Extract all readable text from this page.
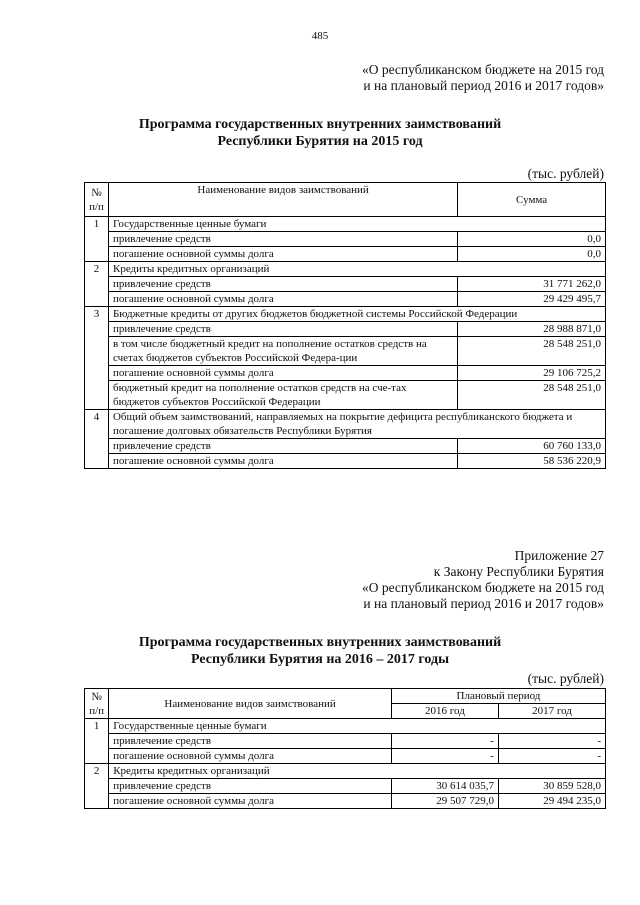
485
«О республиканском бюджете на 2015 год
и на плановый период 2016 и 2017 годов»
Программа государственных внутренних заимствований
Республики Бурятия на 2015 год
(тыс. рублей)
№ п/п	Наименование видов заимствований	Сумма
1	Государственные ценные бумаги	
	привлечение средств	0,0
	погашение основной суммы долга	0,0
2	Кредиты кредитных организаций	
	привлечение средств	31 771 262,0
	погашение основной суммы долга	29 429 495,7
3	Бюджетные кредиты от других бюджетов бюджетной системы Российской Федерации	
	привлечение средств	28 988 871,0
	в том числе бюджетный кредит на пополнение остатков средств на счетах бюджетов субъектов Российской Федера-ции	28 548 251,0
	погашение основной суммы долга	29 106 725,2
	бюджетный кредит на пополнение остатков средств на сче-тах бюджетов субъектов Российской Федерации	28 548 251,0
4	Общий объем заимствований, направляемых на покрытие дефицита республиканского бюджета и погашение долговых обязательств Республики Бурятия	
	привлечение средств	60 760 133,0
	погашение основной суммы долга	58 536 220,9
Приложение 27
к Закону Республики Бурятия
«О республиканском бюджете на 2015 год
и на плановый период 2016 и 2017 годов»
Программа государственных внутренних заимствований
Республики Бурятия на 2016 – 2017 годы
(тыс. рублей)
№ п/п	Наименование видов заимствований	Плановый период	
		2016 год	2017 год
1	Государственные ценные бумаги		
	привлечение средств	-	-
	погашение основной суммы долга	-	-
2	Кредиты кредитных организаций		
	привлечение средств	30 614 035,7	30 859 528,0
	погашение основной суммы долга	29 507 729,0	29 494 235,0
